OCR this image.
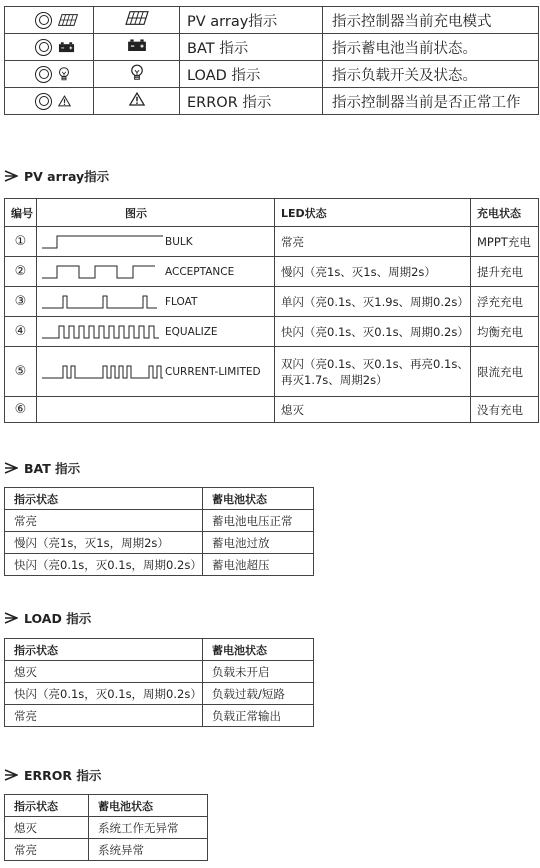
		PV array指示	指示控制器当前充电模式

		BAT 指示	指示蓄电池当前状态。

		LOAD 指示	指示负载开关及状态。

		ERROR 指示	指示控制器当前是否正常工作
PV array指示
编号	图示	LED状态	充电状态
①	BULK	常亮	MPPT充电
②	ACCEPTANCE	慢闪（亮1s、灭1s、周期2s）	提升充电
③	FLOAT	单闪（亮0.1s、灭1.9s、周期0.2s）	浮充充电
④	EQUALIZE	快闪（亮0.1s、灭0.1s、周期0.2s）	均衡充电
⑤	CURRENT-LIMITED	双闪（亮0.1s、灭0.1s、再亮0.1s、
再灭1.7s、周期2s）	限流充电
⑥		熄灭	没有充电
BAT 指示
指示状态	蓄电池状态
常亮	蓄电池电压正常
慢闪（亮1s，灭1s，周期2s）	蓄电池过放
快闪（亮0.1s，灭0.1s，周期0.2s）	蓄电池超压
LOAD 指示
指示状态	蓄电池状态
熄灭	负载未开启
快闪（亮0.1s，灭0.1s，周期0.2s）	负载过载/短路
常亮	负载正常输出
ERROR 指示
指示状态	蓄电池状态
熄灭	系统工作无异常
常亮	系统异常
